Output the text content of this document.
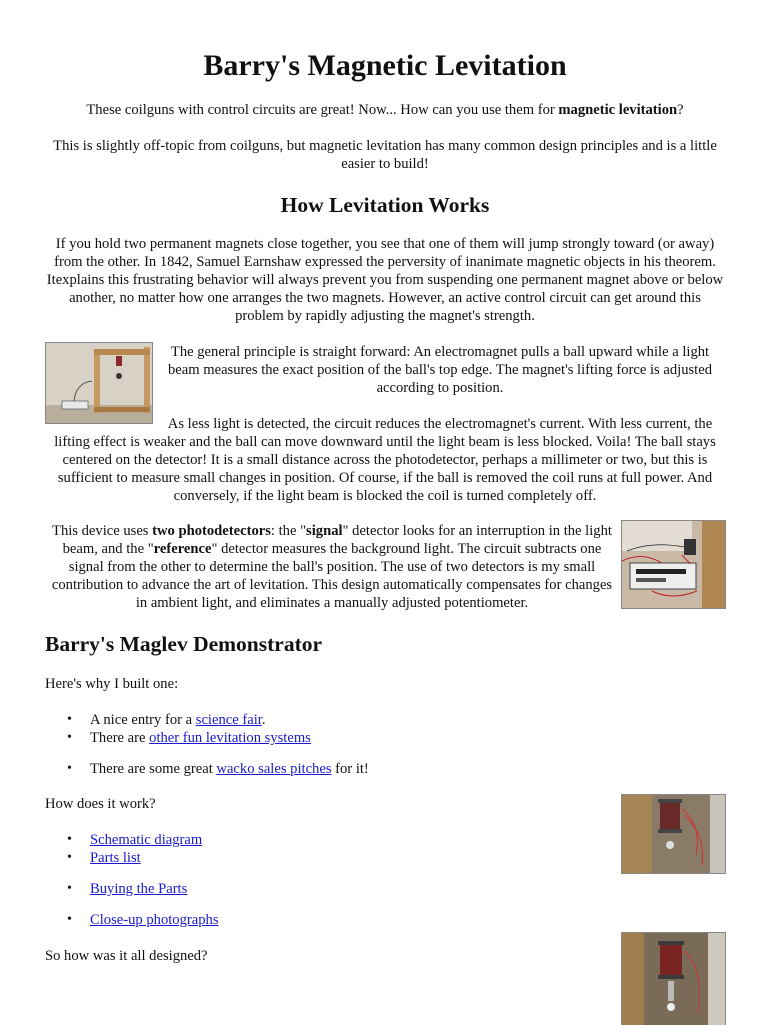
Barry's Magnetic Levitation

These coilguns with control circuits are great! Now... How can you use them for magnetic levitation?

This is slightly off-topic from coilguns, but magnetic levitation has many common design principles and is a little easier to build!

How Levitation Works

If you hold two permanent magnets close together, you see that one of them will jump strongly toward (or away) from the other. In 1842, Samuel Earnshaw expressed the perversity of inanimate magnetic objects in his theorem. Itexplains this frustrating behavior will always prevent you from suspending one permanent magnet above or below another, no matter how one arranges the two magnets. However, an active control circuit can get around this problem by rapidly adjusting the magnet's strength.

The general principle is straight forward: An electromagnet pulls a ball upward while a light beam measures the exact position of the ball's top edge. The magnet's lifting force is adjusted according to position.

As less light is detected, the circuit reduces the electromagnet's current. With less current, the lifting effect is weaker and the ball can move downward until the light beam is less blocked. Voila! The ball stays centered on the detector! It is a small distance across the photodetector, perhaps a millimeter or two, but this is sufficient to measure small changes in position. Of course, if the ball is removed the coil runs at full power. And conversely, if the light beam is blocked the coil is turned completely off.

This device uses two photodetectors: the "signal" detector looks for an interruption in the light beam, and the "reference" detector measures the background light. The circuit subtracts one signal from the other to determine the ball's position. The use of two detectors is my small contribution to advance the art of levitation. This design automatically compensates for changes in ambient light, and eliminates a manually adjusted potentiometer.

Barry's Maglev Demonstrator

Here's why I built one:

• A nice entry for a science fair.
• There are other fun levitation systems
• There are some great wacko sales pitches for it!

How does it work?

• Schematic diagram
• Parts list
• Buying the Parts
• Close-up photographs

So how was it all designed?
